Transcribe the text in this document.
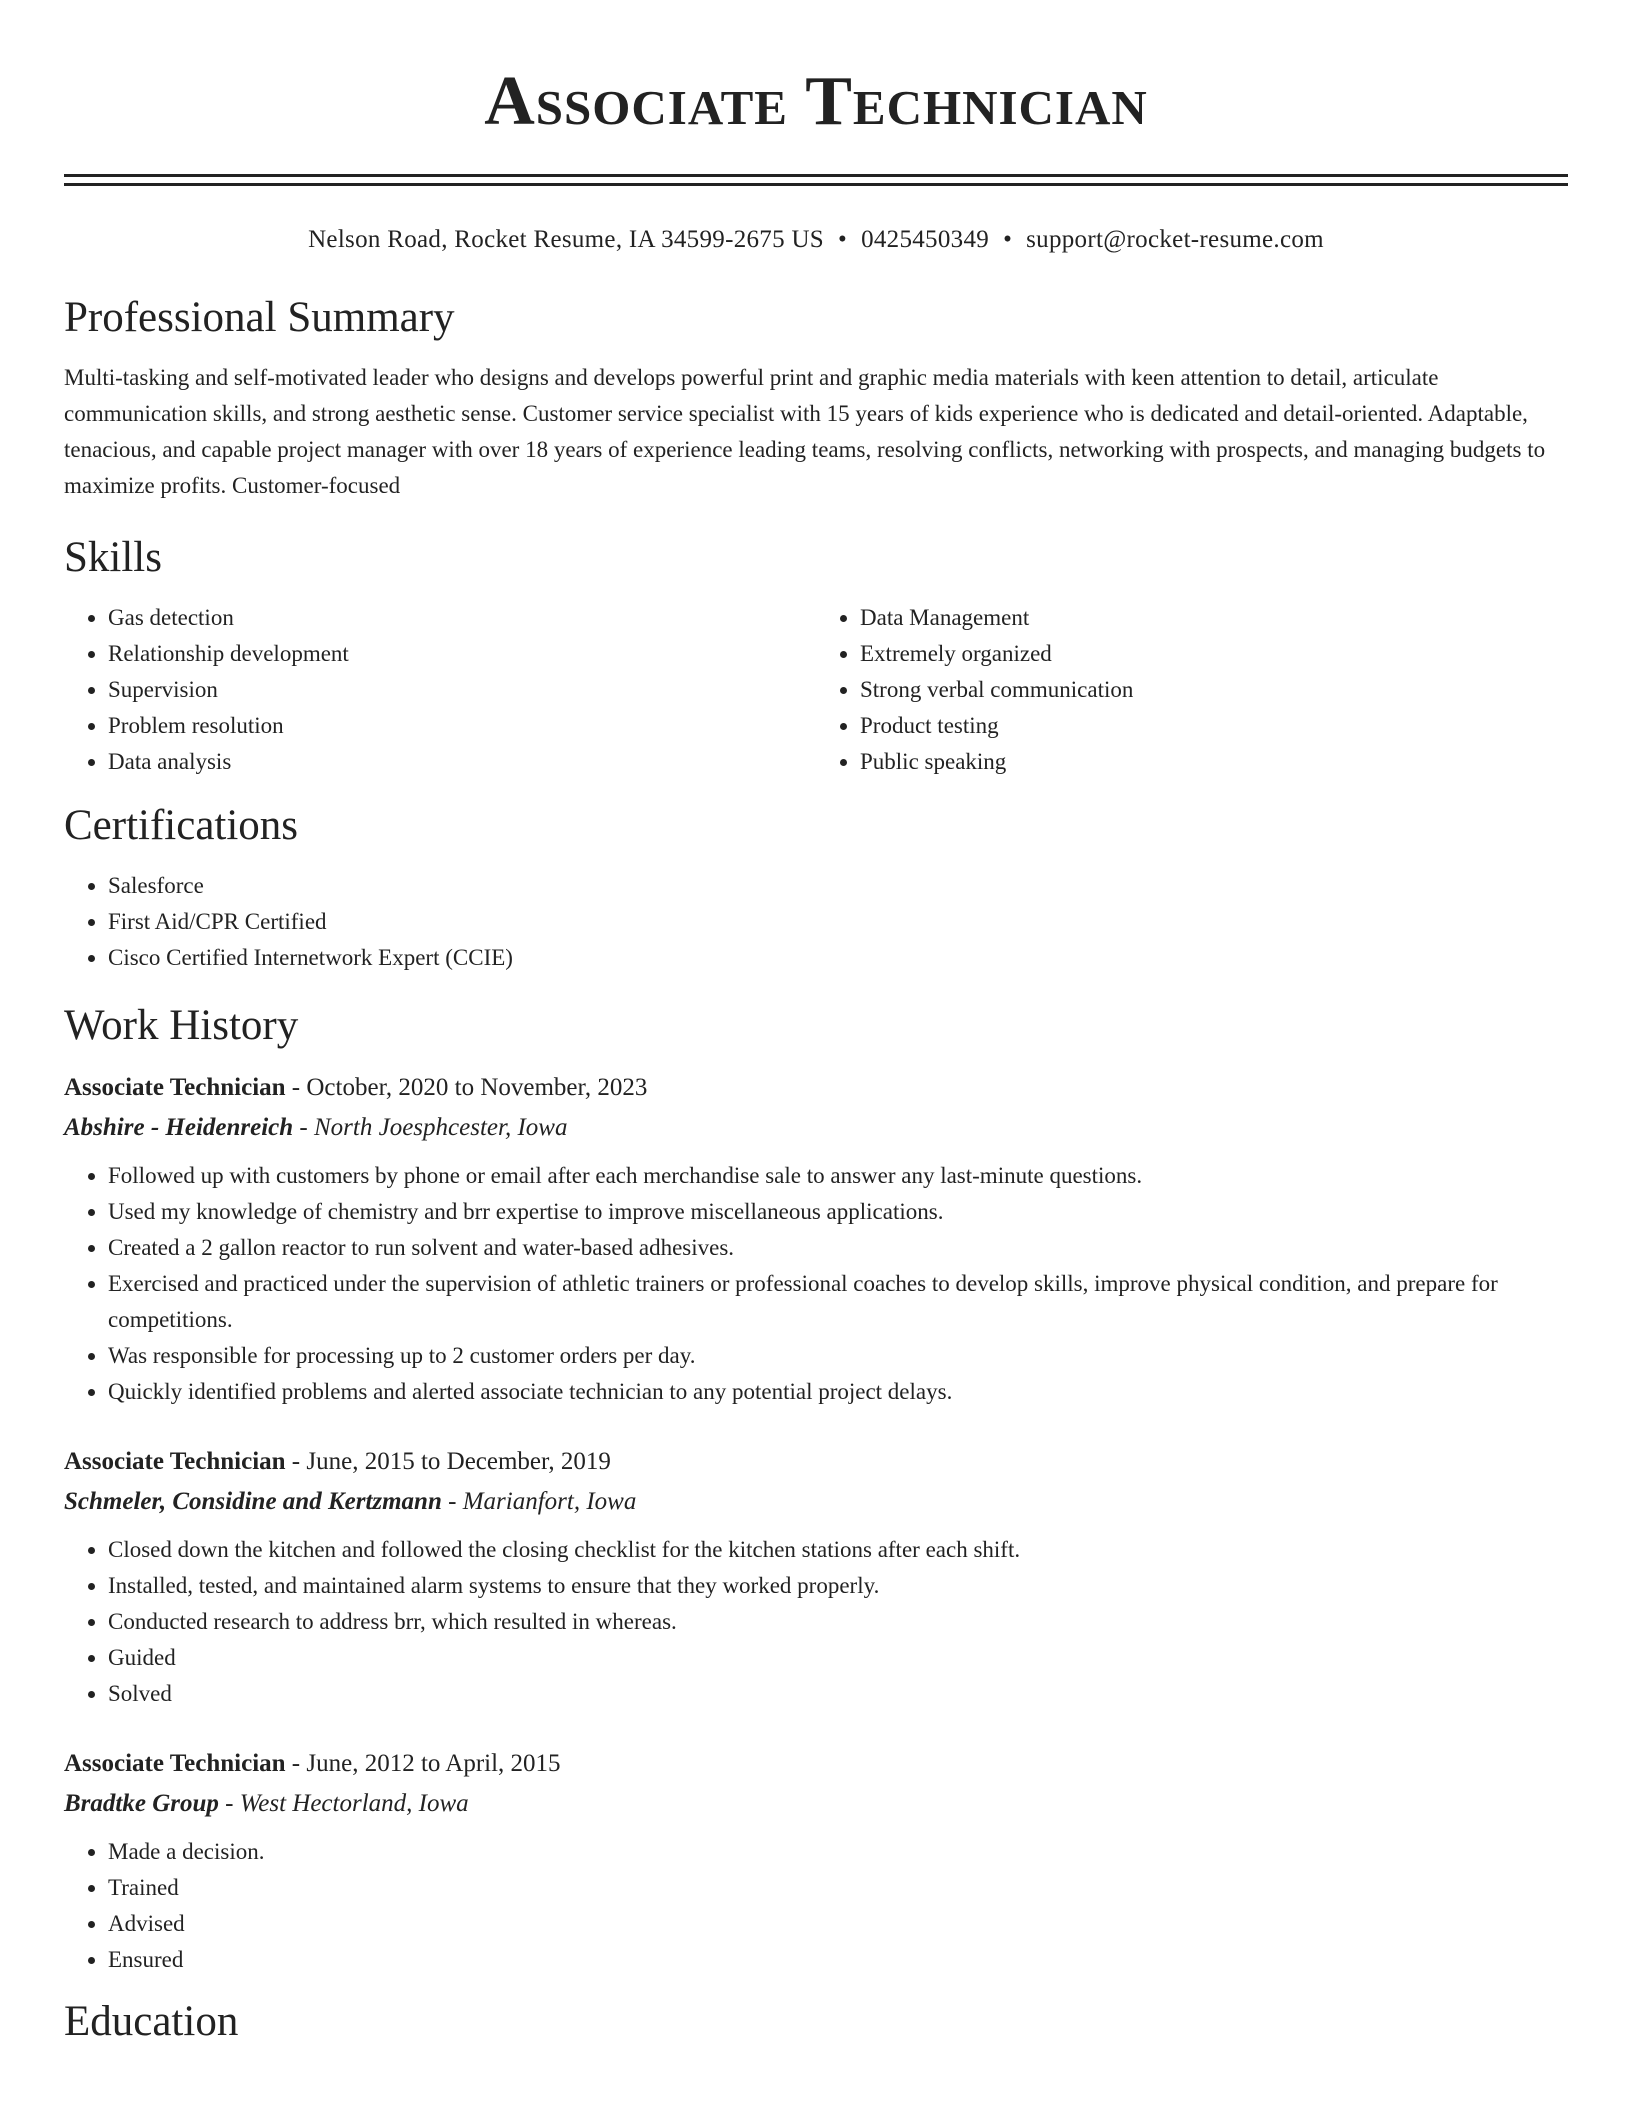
Associate Technician
Nelson Road, Rocket Resume, IA 34599-2675 US • 0425450349 • support@rocket-resume.com
Professional Summary
Multi-tasking and self-motivated leader who designs and develops powerful print and graphic media materials with keen attention to detail, articulate communication skills, and strong aesthetic sense. Customer service specialist with 15 years of kids experience who is dedicated and detail-oriented. Adaptable, tenacious, and capable project manager with over 18 years of experience leading teams, resolving conflicts, networking with prospects, and managing budgets to maximize profits. Customer-focused
Skills
• Gas detection
• Relationship development
• Supervision
• Problem resolution
• Data analysis
• Data Management
• Extremely organized
• Strong verbal communication
• Product testing
• Public speaking
Certifications
• Salesforce
• First Aid/CPR Certified
• Cisco Certified Internetwork Expert (CCIE)
Work History
Associate Technician - October, 2020 to November, 2023
Abshire - Heidenreich - North Joesphcester, Iowa
• Followed up with customers by phone or email after each merchandise sale to answer any last-minute questions.
• Used my knowledge of chemistry and brr expertise to improve miscellaneous applications.
• Created a 2 gallon reactor to run solvent and water-based adhesives.
• Exercised and practiced under the supervision of athletic trainers or professional coaches to develop skills, improve physical condition, and prepare for competitions.
• Was responsible for processing up to 2 customer orders per day.
• Quickly identified problems and alerted associate technician to any potential project delays.
Associate Technician - June, 2015 to December, 2019
Schmeler, Considine and Kertzmann - Marianfort, Iowa
• Closed down the kitchen and followed the closing checklist for the kitchen stations after each shift.
• Installed, tested, and maintained alarm systems to ensure that they worked properly.
• Conducted research to address brr, which resulted in whereas.
• Guided
• Solved
Associate Technician - June, 2012 to April, 2015
Bradtke Group - West Hectorland, Iowa
• Made a decision.
• Trained
• Advised
• Ensured
Education
